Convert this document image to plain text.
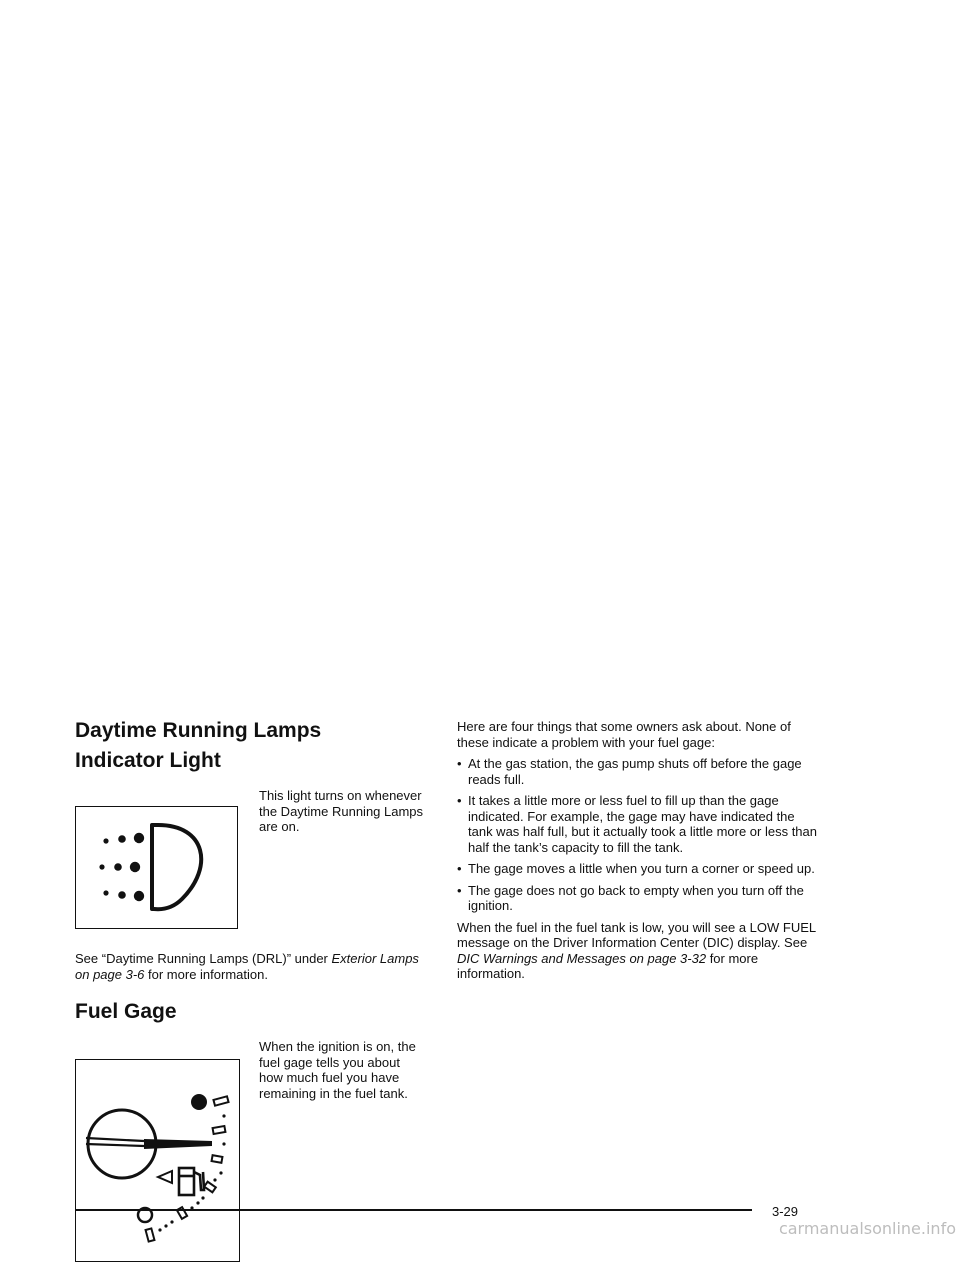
Daytime Running Lamps
Indicator Light
This light turns on whenever the Daytime Running Lamps are on.

See “Daytime Running Lamps (DRL)” under Exterior Lamps on page 3-6 for more information.

Fuel Gage
When the ignition is on, the fuel gage tells you about how much fuel you have remaining in the fuel tank.

Here are four things that some owners ask about. None of these indicate a problem with your fuel gage:

• At the gas station, the gas pump shuts off before the gage reads full.
• It takes a little more or less fuel to fill up than the gage indicated. For example, the gage may have indicated the tank was half full, but it actually took a little more or less than half the tank’s capacity to fill the tank.
• The gage moves a little when you turn a corner or speed up.
• The gage does not go back to empty when you turn off the ignition.

When the fuel in the fuel tank is low, you will see a LOW FUEL message on the Driver Information Center (DIC) display. See DIC Warnings and Messages on page 3-32 for more information.

3-29
carmanualsonline.info
